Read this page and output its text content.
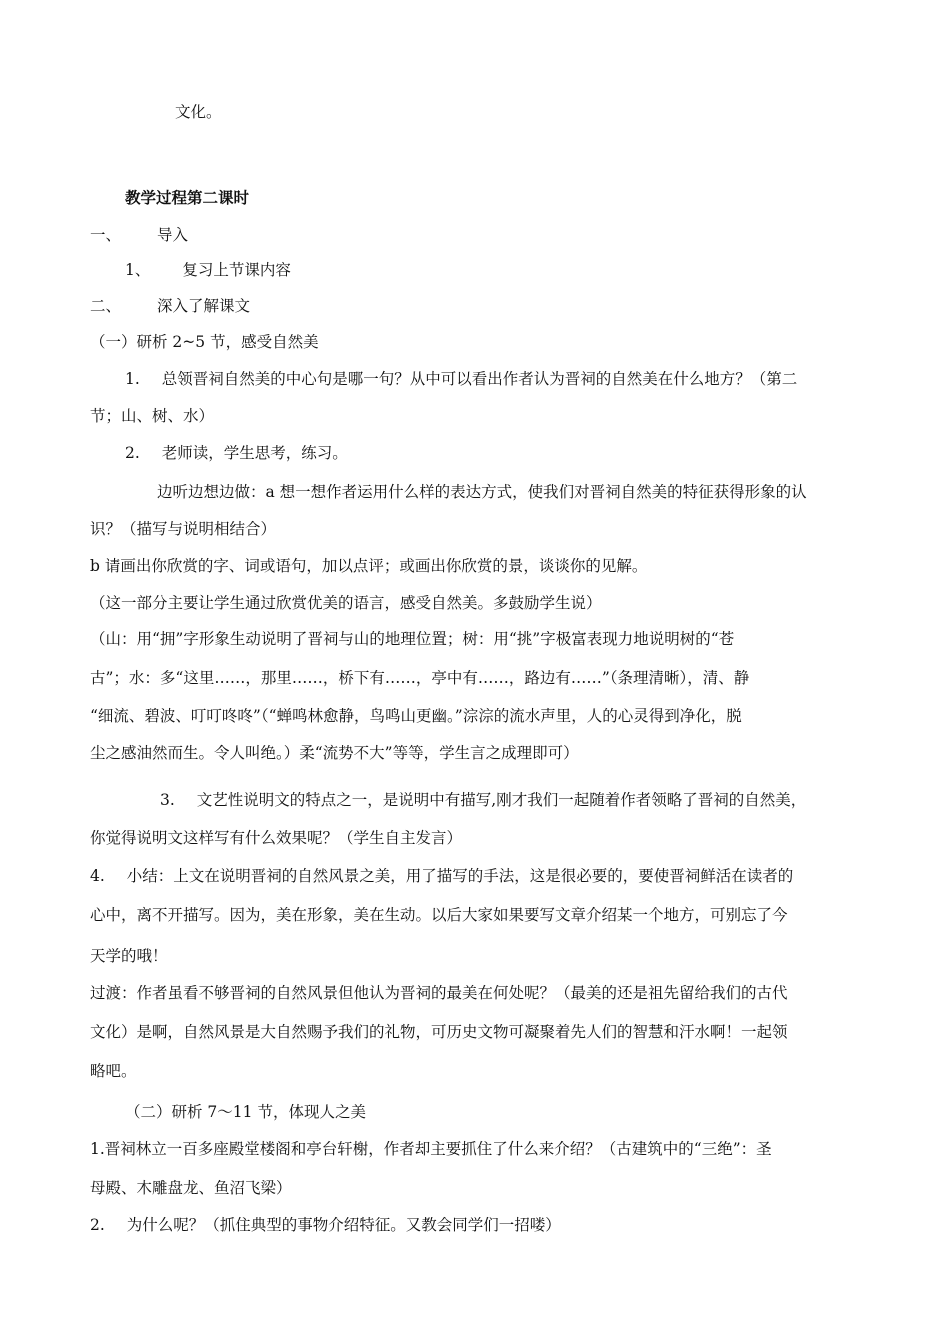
文化。
教学过程第二课时
一、 导入
1、 复习上节课内容
二、 深入了解课文
（一）研析 2~5 节，感受自然美
1. 总领晋祠自然美的中心句是哪一句？从中可以看出作者认为晋祠的自然美在什么地方？（第二
节；山、树、水）
2. 老师读，学生思考，练习。
边听边想边做：a 想一想作者运用什么样的表达方式，使我们对晋祠自然美的特征获得形象的认
识？（描写与说明相结合）
b 请画出你欣赏的字、词或语句，加以点评；或画出你欣赏的景，谈谈你的见解。
（这一部分主要让学生通过欣赏优美的语言，感受自然美。多鼓励学生说）
（山：用“拥”字形象生动说明了晋祠与山的地理位置；树：用“挑”字极富表现力地说明树的“苍
古”；水：多“这里……，那里……，桥下有……，亭中有……，路边有……”（条理清晰），清、静
“细流、碧波、叮叮咚咚”（“蝉鸣林愈静，鸟鸣山更幽。”淙淙的流水声里，人的心灵得到净化，脱
尘之感油然而生。令人叫绝。）柔“流势不大”等等，学生言之成理即可）
3. 文艺性说明文的特点之一，是说明中有描写,刚才我们一起随着作者领略了晋祠的自然美，
你觉得说明文这样写有什么效果呢？（学生自主发言）
4. 小结：上文在说明晋祠的自然风景之美，用了描写的手法，这是很必要的，要使晋祠鲜活在读者的
心中，离不开描写。因为，美在形象，美在生动。以后大家如果要写文章介绍某一个地方，可别忘了今
天学的哦！
过渡：作者虽看不够晋祠的自然风景但他认为晋祠的最美在何处呢？（最美的还是祖先留给我们的古代
文化）是啊，自然风景是大自然赐予我们的礼物，可历史文物可凝聚着先人们的智慧和汗水啊！一起领
略吧。
（二）研析 7～11 节，体现人之美
1.晋祠林立一百多座殿堂楼阁和亭台轩榭，作者却主要抓住了什么来介绍？（古建筑中的“三绝”：圣
母殿、木雕盘龙、鱼沼飞梁）
2. 为什么呢？（抓住典型的事物介绍特征。又教会同学们一招喽）
